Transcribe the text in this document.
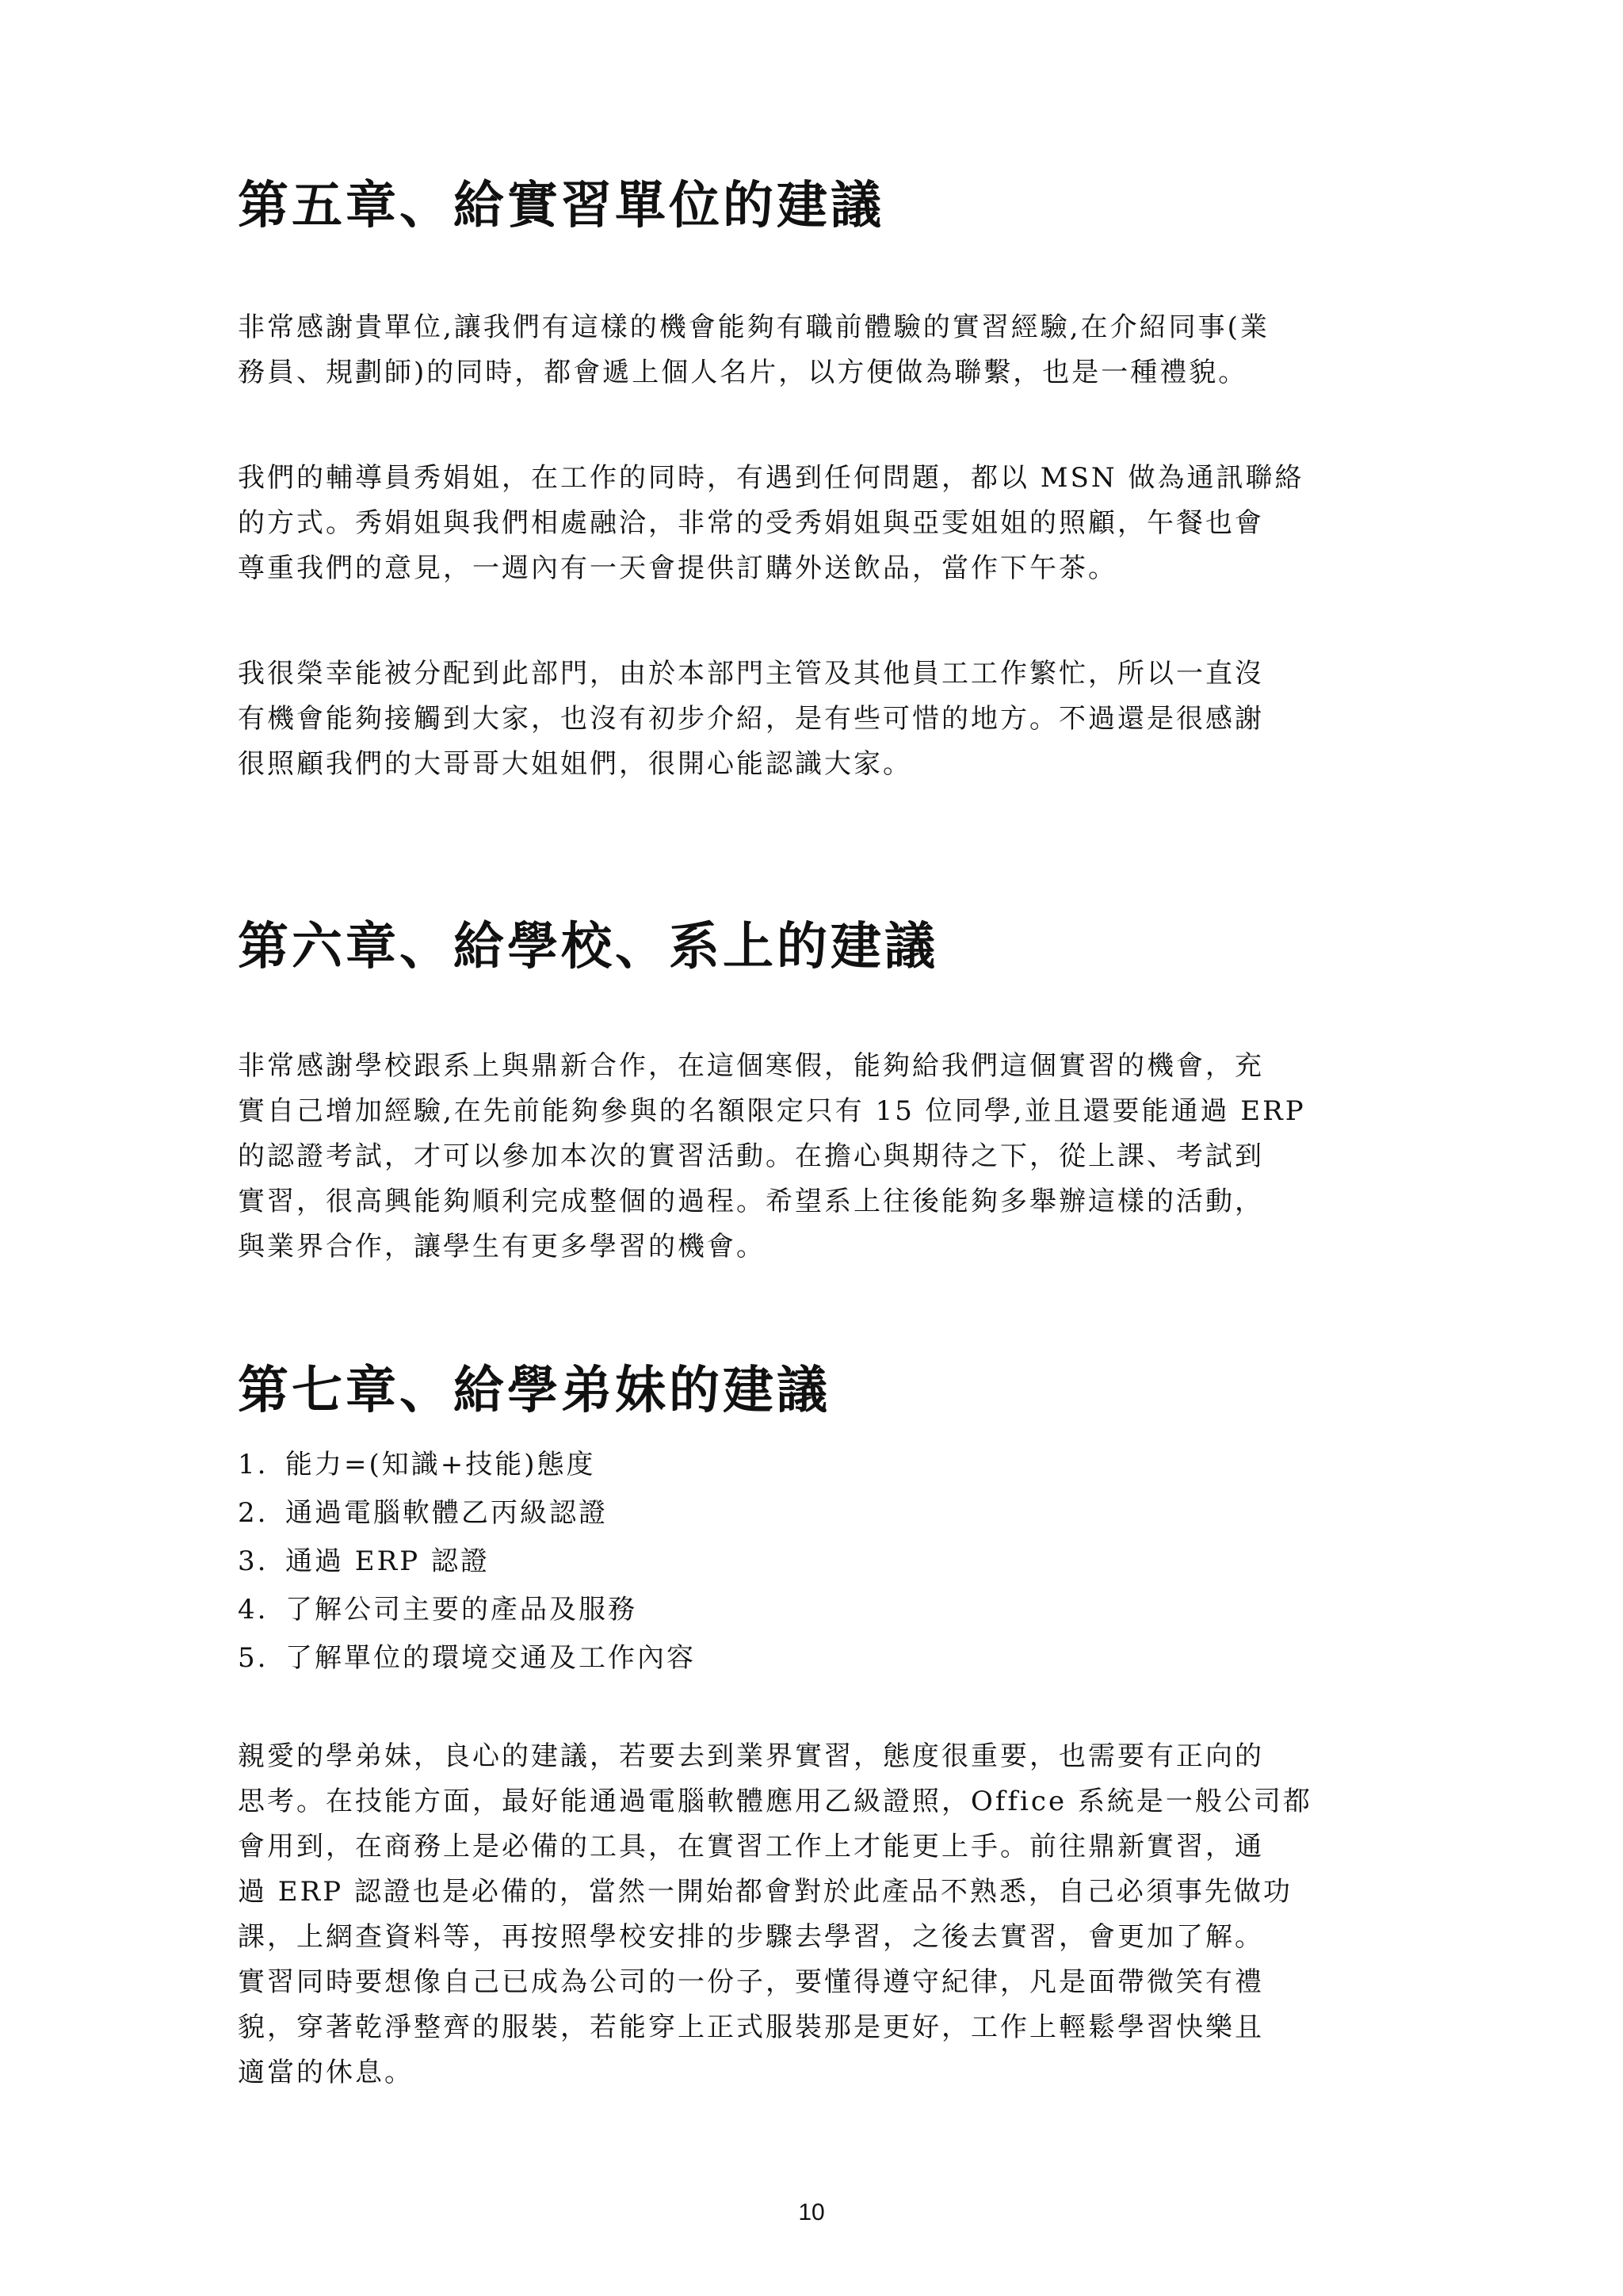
第五章、給實習單位的建議

非常感謝貴單位,讓我們有這樣的機會能夠有職前體驗的實習經驗,在介紹同事(業
務員、規劃師)的同時，都會遞上個人名片，以方便做為聯繫，也是一種禮貌。

我們的輔導員秀娟姐，在工作的同時，有遇到任何問題，都以 MSN 做為通訊聯絡
的方式。秀娟姐與我們相處融洽，非常的受秀娟姐與亞雯姐姐的照顧，午餐也會
尊重我們的意見，一週內有一天會提供訂購外送飲品，當作下午茶。

我很榮幸能被分配到此部門，由於本部門主管及其他員工工作繁忙，所以一直沒
有機會能夠接觸到大家，也沒有初步介紹，是有些可惜的地方。不過還是很感謝
很照顧我們的大哥哥大姐姐們，很開心能認識大家。

第六章、給學校、系上的建議

非常感謝學校跟系上與鼎新合作，在這個寒假，能夠給我們這個實習的機會，充
實自己增加經驗,在先前能夠參與的名額限定只有 15 位同學,並且還要能通過 ERP
的認證考試，才可以參加本次的實習活動。在擔心與期待之下，從上課、考試到
實習，很高興能夠順利完成整個的過程。希望系上往後能夠多舉辦這樣的活動，
與業界合作，讓學生有更多學習的機會。

第七章、給學弟妹的建議
1. 能力=(知識+技能)態度
2. 通過電腦軟體乙丙級認證
3. 通過 ERP 認證
4. 了解公司主要的產品及服務
5. 了解單位的環境交通及工作內容

親愛的學弟妹，良心的建議，若要去到業界實習，態度很重要，也需要有正向的
思考。在技能方面，最好能通過電腦軟體應用乙級證照，Office 系統是一般公司都
會用到，在商務上是必備的工具，在實習工作上才能更上手。前往鼎新實習，通
過 ERP 認證也是必備的，當然一開始都會對於此產品不熟悉，自己必須事先做功
課，上網查資料等，再按照學校安排的步驟去學習，之後去實習，會更加了解。
實習同時要想像自己已成為公司的一份子，要懂得遵守紀律，凡是面帶微笑有禮
貌，穿著乾淨整齊的服裝，若能穿上正式服裝那是更好，工作上輕鬆學習快樂且
適當的休息。

10
